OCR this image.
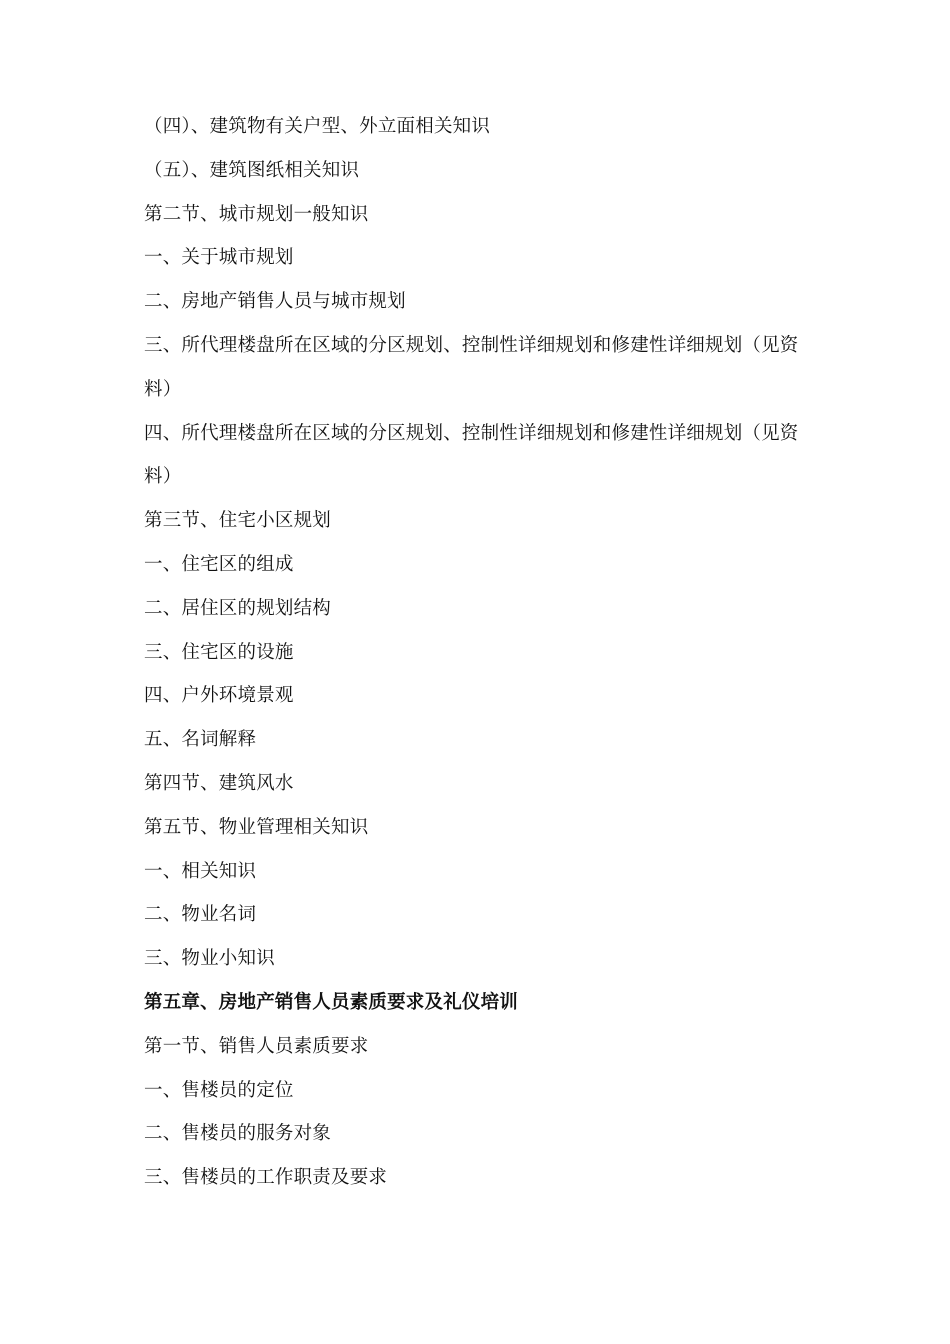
（四）、建筑物有关户型、外立面相关知识
（五）、建筑图纸相关知识
第二节、城市规划一般知识
一、关于城市规划
二、房地产销售人员与城市规划
三、所代理楼盘所在区域的分区规划、控制性详细规划和修建性详细规划（见资料）
四、所代理楼盘所在区域的分区规划、控制性详细规划和修建性详细规划（见资料）
第三节、住宅小区规划
一、住宅区的组成
二、居住区的规划结构
三、住宅区的设施
四、户外环境景观
五、名词解释
第四节、建筑风水
第五节、物业管理相关知识
一、相关知识
二、物业名词
三、物业小知识
第五章、房地产销售人员素质要求及礼仪培训
第一节、销售人员素质要求
一、售楼员的定位
二、售楼员的服务对象
三、售楼员的工作职责及要求
